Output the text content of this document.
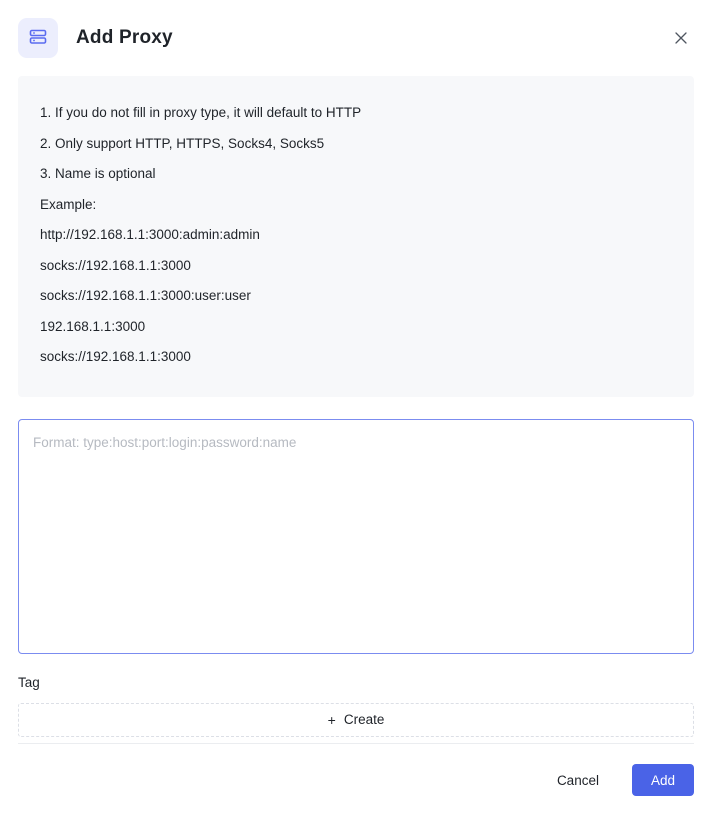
Add Proxy
1. If you do not fill in proxy type, it will default to HTTP
2. Only support HTTP, HTTPS, Socks4, Socks5
3. Name is optional
Example:
http://192.168.1.1:3000:admin:admin
socks://192.168.1.1:3000
socks://192.168.1.1:3000:user:user
192.168.1.1:3000
socks://192.168.1.1:3000
Format: type:host:port:login:password:name
Tag
+ Create
Cancel	Add
